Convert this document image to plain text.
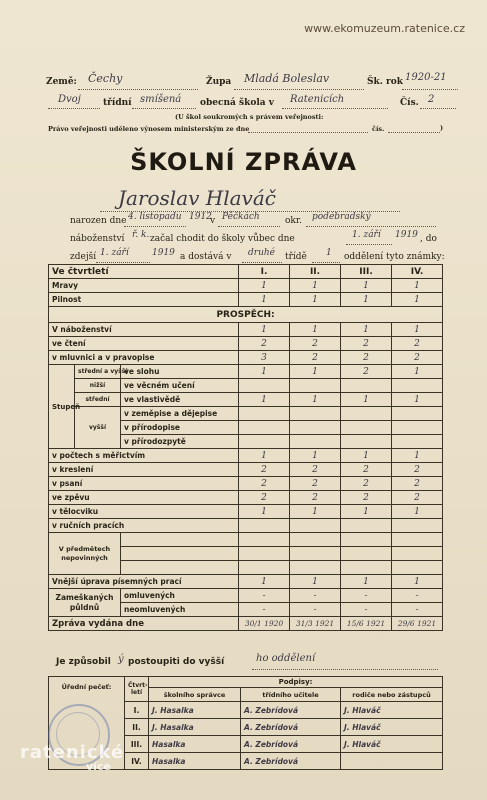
www.ekomuzeum.ratenice.cz
Země: Čechy	Župa Mladá Boleslav	Šk. rok 1920-21
Dvoj třídní smíšená obecná škola v Ratenicích	Čís. 2
(U škol soukromých s právem veřejnosti:
Právo veřejnosti uděleno výnosem ministerským ze dne	čís.	)
ŠKOLNÍ ZPRÁVA
Jaroslav Hlaváč
narozen dne 4. listopadu 1912
v Pěčkách	okr. podébradský
náboženství ř. k. začal chodit do školy vůbec dne	1. září 1919 , do
zdejší 1. září	1919 a dostává v druhé třídě 1 oddělení tyto známky:
Ve čtvrtletí			I.	II.	III.	IV.
Mravy			1	1	1	1
Pilnost			1	1	1	1
PROSPĚCH:						
V náboženství			1	1	1	1
ve čtení			2	2	2	2
v mluvnici a v pravopise			3	2	2	2
Stupeň	střední a vyšší	ve slohu	1	1	2	1
	nižší	ve věcném učení				
	střední	ve vlastivědě	1	1	1	1
	vyšší	v zeměpise a dějepise				
		v přírodopise				
		v přírodozpytě				
v počtech s měřictvím			1	1	1	1
v kreslení			2	2	2	2
v psaní			2	2	2	2
ve zpěvu			2	2	2	2
v tělocviku			1	1	1	1
v ručních pracích						
V předmětech nepovinných						

Vnější úprava písemných prací			1	1	1	1
Zameškaných půldnů		omluvených	-	-	-	-
		neomluvených	-	-	-	-
Zpráva vydána dne			30/1 1920	31/3 1921	15/6 1921	29/6 1921
Je způsobil ý postoupiti do vyšší	ho oddělení
Úřední pečeť:	Čtvrt-letí	Podpisy:		
		školního správce	třídního učitele	rodiče nebo zástupců
	I.	J. Hasalka	A. Zebrídová	J. Hlaváč
	II.	J. Hasalka	A. Zebrídová	J. Hlaváč
	III.	Hasalka	A. Zebrídová	J. Hlaváč
	IV.	Hasalka	A. Zebrídová	
ratenické
více
